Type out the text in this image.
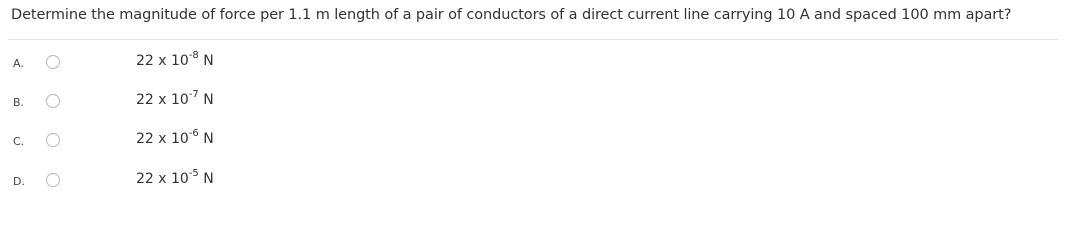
Determine the magnitude of force per 1.1 m length of a pair of conductors of a direct current line carrying 10 A and spaced 100 mm apart?
A.	22 x $10^{-8}$ N
B.	22 x $10^{-7}$ N
C.	22 x $10^{-6}$ N
D.	22 x $10^{-5}$ N
